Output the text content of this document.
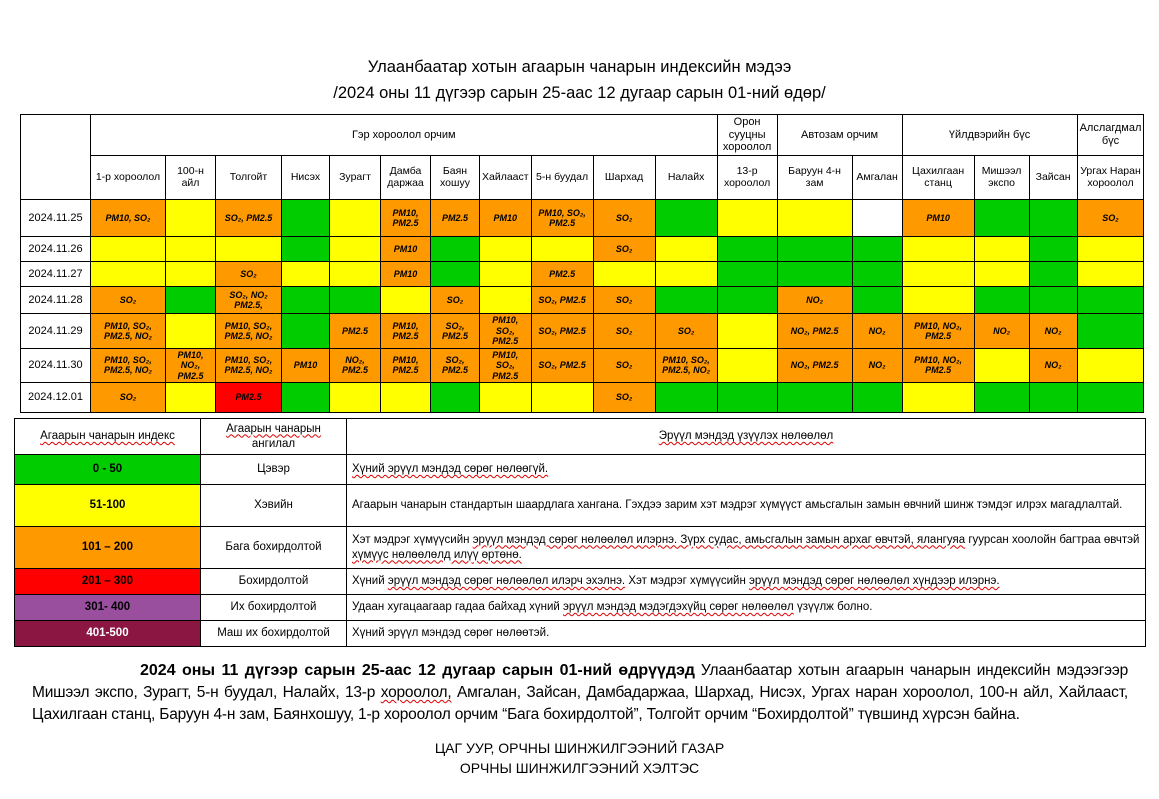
Улаанбаатар хотын агаарын чанарын индексийн мэдээ
/2024 оны 11 дүгээр сарын 25-аас 12 дугаар сарын 01-ний өдөр/
	Гэр хороолол орчим											Орон сууцны хороолол	Автозам орчим		Үйлдвэрийн бүс			Алслагдмал бүс
	1-р хороолол	100-н айл	Толгойт	Нисэх	Зурагт	Дамба даржаа	Баян хошуу	Хайлааст	5-н буудал	Шархад	Налайх	13-р хороолол	Баруун 4-н зам	Амгалан	Цахилгаан станц	Мишээл экспо	Зайсан	Ургах Наран хороолол
2024.11.25	PM10, SO₂		SO₂, PM2.5			PM10, PM2.5	PM2.5	PM10	PM10, SO₂, PM2.5	SO₂					PM10			SO₂
2024.11.26						PM10				SO₂								
2024.11.27			SO₂			PM10			PM2.5									
2024.11.28	SO₂		SO₂, NO₂ PM2.5,				SO₂		SO₂, PM2.5	SO₂			NO₂					
2024.11.29	PM10, SO₂, PM2.5, NO₂		PM10, SO₂, PM2.5, NO₂		PM2.5	PM10, PM2.5	SO₂, PM2.5	PM10, SO₂, PM2.5	SO₂, PM2.5	SO₂	SO₂		NO₂, PM2.5	NO₂	PM10, NO₂, PM2.5	NO₂	NO₂	
2024.11.30	PM10, SO₂, PM2.5, NO₂	PM10, NO₂, PM2.5	PM10, SO₂, PM2.5, NO₂	PM10	NO₂, PM2.5	PM10, PM2.5	SO₂, PM2.5	PM10, SO₂, PM2.5	SO₂, PM2.5	SO₂	PM10, SO₂, PM2.5, NO₂		NO₂, PM2.5	NO₂	PM10, NO₂, PM2.5		NO₂	
2024.12.01	SO₂		PM2.5							SO₂								
Агаарын чанарын индекс	Агаарын чанарын ангилал	Эрүүл мэндэд үзүүлэх нөлөөлөл
0 - 50	Цэвэр	Хүний эрүүл мэндэд сөрөг нөлөөгүй.
51-100	Хэвийн	Агаарын чанарын стандартын шаардлага хангана. Гэхдээ зарим хэт мэдрэг хүмүүст амьсгалын замын өвчний шинж тэмдэг илрэх магадлалтай.
101 – 200	Бага бохирдолтой	Хэт мэдрэг хүмүүсийн эрүүл мэндэд сөрөг нөлөөлөл илэрнэ. Зүрх судас, амьсгалын замын архаг өвчтэй, ялангуяа гуурсан хоолойн багтраа өвчтэй хүмүүс нөлөөлөлд илүү өртөнө.
201 – 300	Бохирдолтой	Хүний эрүүл мэндэд сөрөг нөлөөлөл илэрч эхэлнэ. Хэт мэдрэг хүмүүсийн эрүүл мэндэд сөрөг нөлөөлөл хүндээр илэрнэ.
301- 400	Их бохирдолтой	Удаан хугацаагаар гадаа байхад хүний эрүүл мэндэд мэдэгдэхүйц сөрөг нөлөөлөл үзүүлж болно.
401-500	Маш их бохирдолтой	Хүний эрүүл мэндэд сөрөг нөлөөтэй.

2024 оны 11 дүгээр сарын 25-аас 12 дугаар сарын 01-ний өдрүүдэд Улаанбаатар хотын агаарын чанарын индексийн мэдээгээр Мишээл экспо, Зурагт, 5-н буудал, Налайх, 13-р хороолол, Амгалан, Зайсан, Дамбадаржаа, Шархад, Нисэх, Ургах наран хороолол, 100-н айл, Хайлааст, Цахилгаан станц, Баруун 4-н зам, Баянхошуу, 1-р хороолол орчим “Бага бохирдолтой”, Толгойт орчим “Бохирдолтой” түвшинд хүрсэн байна.

ЦАГ УУР, ОРЧНЫ ШИНЖИЛГЭЭНИЙ ГАЗАР
ОРЧНЫ ШИНЖИЛГЭЭНИЙ ХЭЛТЭС
